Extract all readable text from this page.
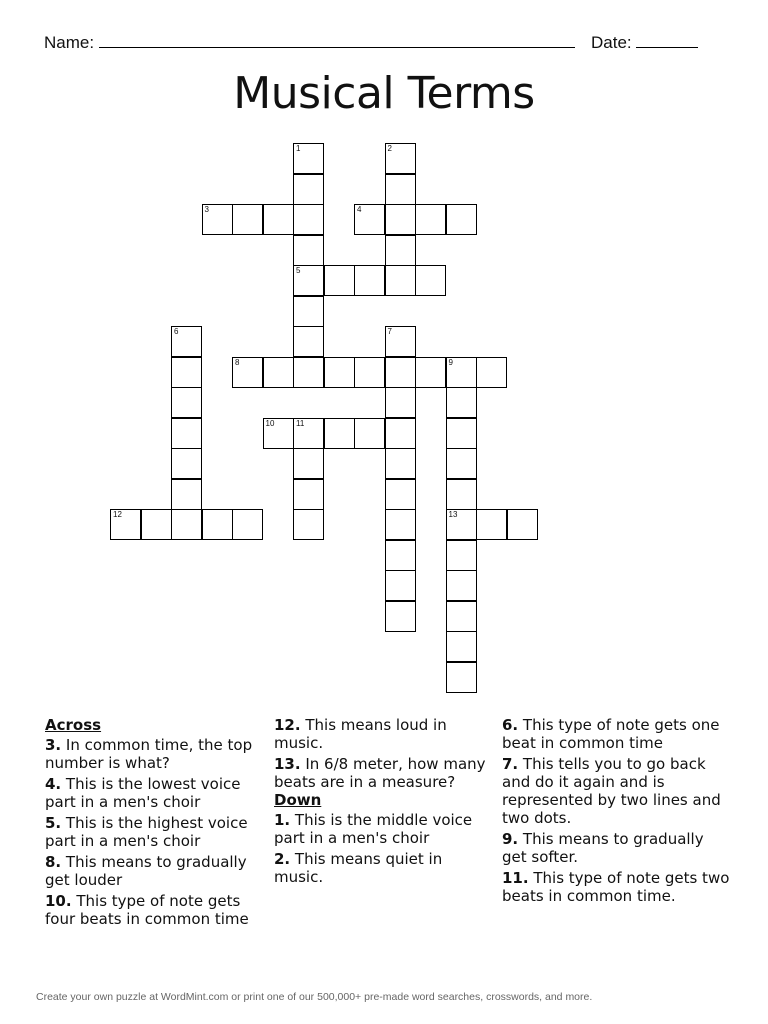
Name:	Date:
Musical Terms
1
5
2
3	4
6	7
8	9
13
10	11
12
Across
3. In common time, the top number is what?
4. This is the lowest voice part in a men's choir
5. This is the highest voice part in a men's choir
8. This means to gradually get louder
10. This type of note gets four beats in common time
12. This means loud in music.
13. In 6/8 meter, how many beats are in a measure?
Down
1. This is the middle voice part in a men's choir
2. This means quiet in music.
6. This type of note gets one beat in common time
7. This tells you to go back and do it again and is represented by two lines and two dots.
9. This means to gradually get softer.
11. This type of note gets two beats in common time.
Create your own puzzle at WordMint.com or print one of our 500,000+ pre-made word searches, crosswords, and more.
